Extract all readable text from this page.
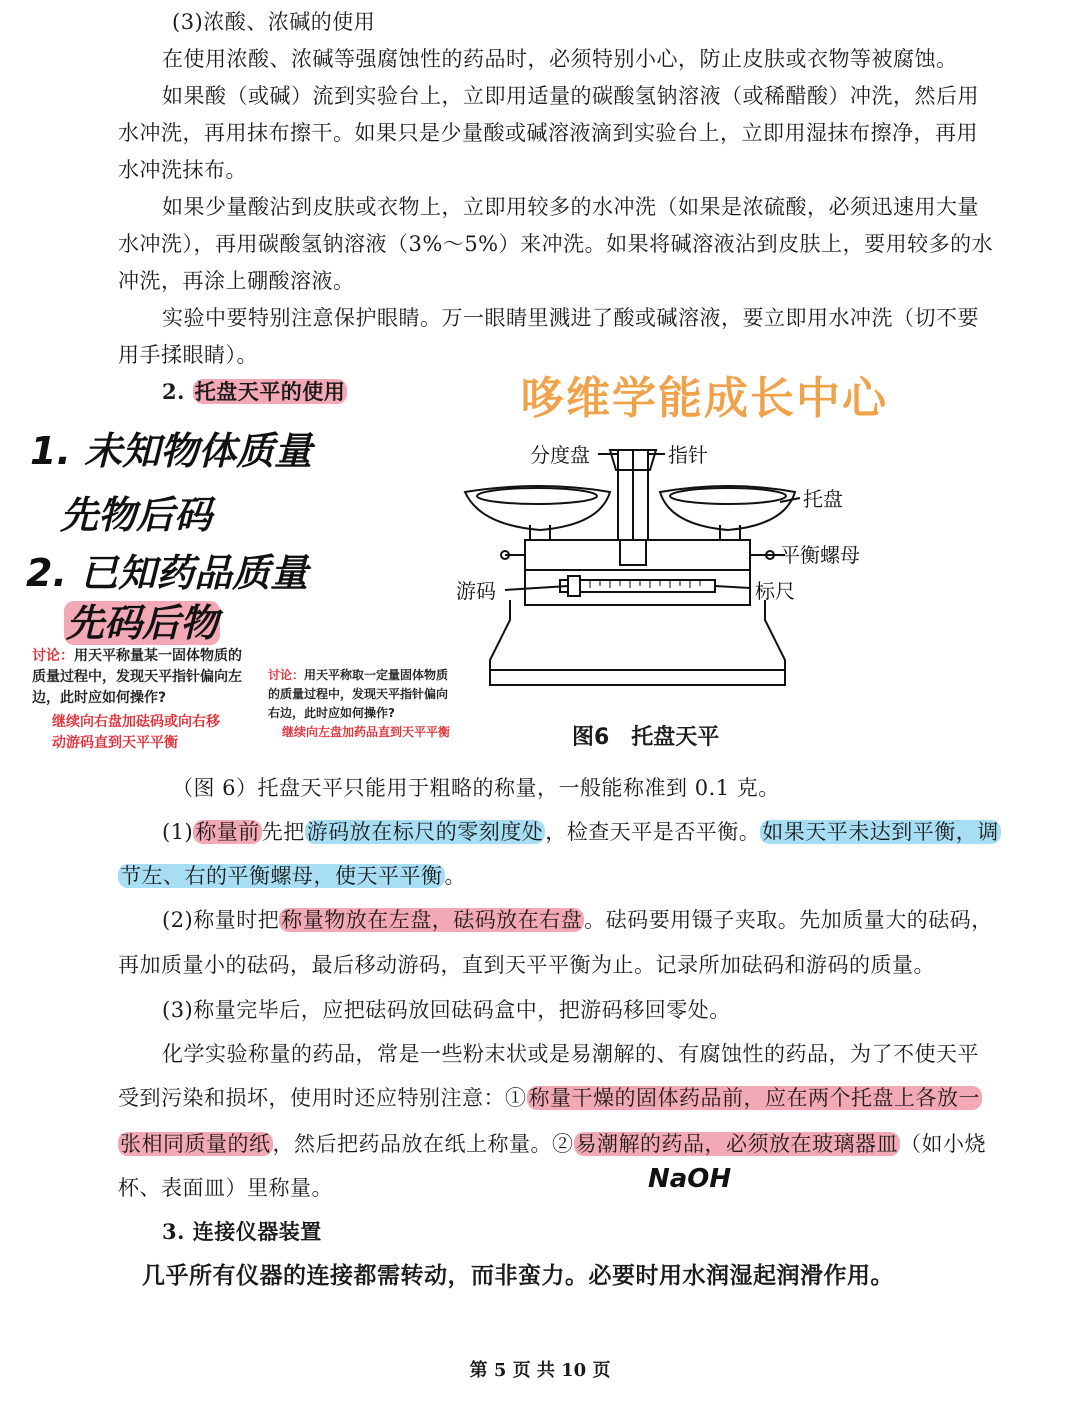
(3)浓酸、浓碱的使用
在使用浓酸、浓碱等强腐蚀性的药品时，必须特别小心，防止皮肤或衣物等被腐蚀。
如果酸（或碱）流到实验台上，立即用适量的碳酸氢钠溶液（或稀醋酸）冲洗，然后用
水冲洗，再用抹布擦干。如果只是少量酸或碱溶液滴到实验台上，立即用湿抹布擦净，再用
水冲洗抹布。
如果少量酸沾到皮肤或衣物上，立即用较多的水冲洗（如果是浓硫酸，必须迅速用大量
水冲洗），再用碳酸氢钠溶液（3%～5%）来冲洗。如果将碱溶液沾到皮肤上，要用较多的水
冲洗，再涂上硼酸溶液。
实验中要特别注意保护眼睛。万一眼睛里溅进了酸或碱溶液，要立即用水冲洗（切不要
用手揉眼睛）。
2. 托盘天平的使用	哆维学能成长中心
1. 未知物体质量
先物后码
2. 已知药品质量
先码后物
讨论：用天平称量某一固体物质的质量过程中，发现天平指针偏向左边，此时应如何操作?
继续向右盘加砝码或向右移动游码直到天平平衡
讨论：用天平称取一定量固体物质的质量过程中，发现天平指针偏向右边，此时应如何操作?
继续向左盘加药品直到天平平衡
分度盘	指针
托盘
平衡螺母
游码	标尺
图6　托盘天平
（图 6）托盘天平只能用于粗略的称量，一般能称准到 0.1 克。
(1)称量前先把游码放在标尺的零刻度处，检查天平是否平衡。如果天平未达到平衡，调
节左、右的平衡螺母，使天平平衡。
(2)称量时把称量物放在左盘，砝码放在右盘。砝码要用镊子夹取。先加质量大的砝码，
再加质量小的砝码，最后移动游码，直到天平平衡为止。记录所加砝码和游码的质量。
(3)称量完毕后，应把砝码放回砝码盒中，把游码移回零处。
化学实验称量的药品，常是一些粉末状或是易潮解的、有腐蚀性的药品，为了不使天平
受到污染和损坏，使用时还应特别注意：①称量干燥的固体药品前，应在两个托盘上各放一
张相同质量的纸，然后把药品放在纸上称量。②易潮解的药品，必须放在玻璃器皿（如小烧
杯、表面皿）里称量。	NaOH
3. 连接仪器装置
几乎所有仪器的连接都需转动，而非蛮力。必要时用水润湿起润滑作用。
第 5 页 共 10 页
